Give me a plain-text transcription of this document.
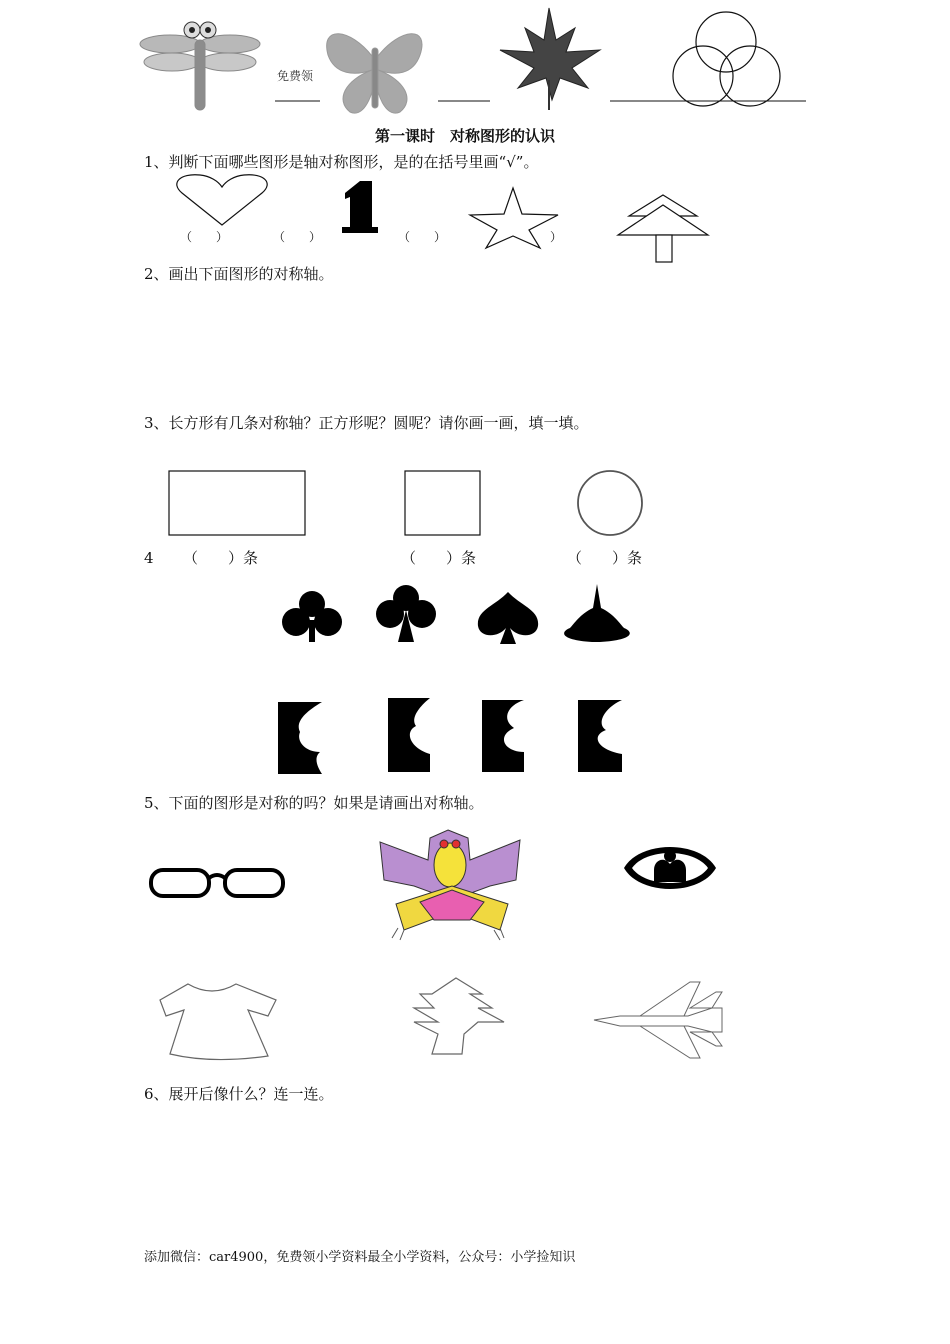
免费领
第一课时　对称图形的认识
1、判断下面哪些图形是轴对称图形，是的在括号里画“√”。
（　　）	（　　）	（　　）	）
2、画出下面图形的对称轴。
3、长方形有几条对称轴？正方形呢？圆呢？请你画一画，填一填。
4 （　　）条	（　　）条	（　　）条
5、下面的图形是对称的吗？如果是请画出对称轴。
6、展开后像什么？连一连。
添加微信：car4900，免费领小学资料最全小学资料，公众号：小学捡知识
